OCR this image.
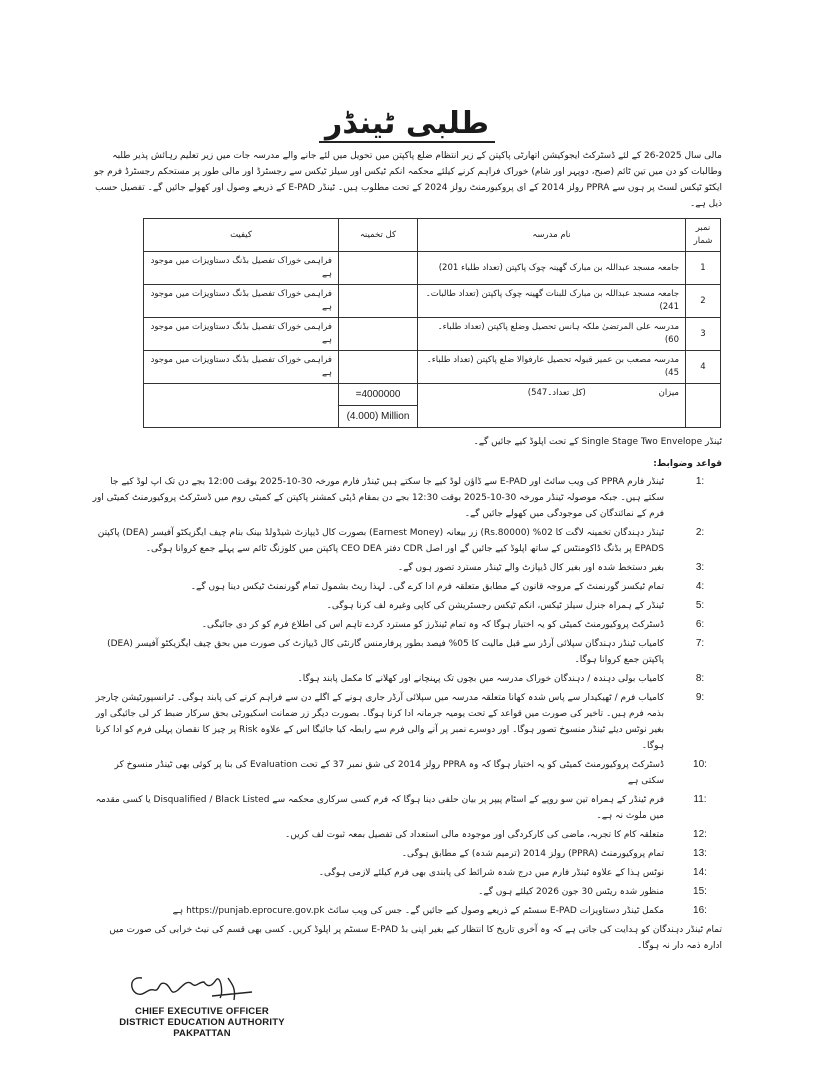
طلبی ٹینڈر
مالی سال 2025-26 کے لئے ڈسٹرکٹ ایجوکیشن اتھارٹی پاکپتن کے زیر انتظام ضلع پاکپتن میں تحویل میں لئے جانے والے مدرسہ جات میں زیر تعلیم رہائش پذیر طلبہ وطالبات کو دن میں تین ٹائم (صبح، دوپہر اور شام) خوراک فراہم کرنے کیلئے محکمہ انکم ٹیکس اور سیلز ٹیکس سے رجسٹرڈ اور مالی طور پر مستحکم رجسٹرڈ فرم جو ایکٹو ٹیکس لسٹ پر ہوں سے PPRA رولز 2014 کے ای پروکیورمنٹ رولز 2024 کے تحت مطلوب ہیں۔ ٹینڈر E-PAD کے ذریعے وصول اور کھولے جائیں گے۔ تفصیل حسب ذیل ہے۔
نمبر شمار	نام مدرسہ	کل تخمینہ	کیفیت
1	جامعہ مسجد عبداللہ بن مبارک گھینہ چوک پاکپتن (تعداد طلباء 201)		فراہمی خوراک تفصیل بڈنگ دستاویزات میں موجود ہے
2	جامعہ مسجد عبداللہ بن مبارک للبنات گھینہ چوک پاکپتن (تعداد طالبات۔ 241)		فراہمی خوراک تفصیل بڈنگ دستاویزات میں موجود ہے
3	مدرسہ علی المرتضیٰ ملکہ ہانس تحصیل وضلع پاکپتن (تعداد طلباء۔60)		فراہمی خوراک تفصیل بڈنگ دستاویزات میں موجود ہے
4	مدرسہ مصعب بن عمیر قبولہ تحصیل عارفوالا ضلع پاکپتن (تعداد طلباء۔45)		فراہمی خوراک تفصیل بڈنگ دستاویزات میں موجود ہے
	میزان (کل تعداد۔547)	=4000000
(4.000) Million	

ٹینڈر Single Stage Two Envelope کے تحت اپلوڈ کیے جائیں گے۔
قواعد وضوابط:
:1
ٹینڈر فارم PPRA کی ویب سائٹ اور E-PAD سے ڈاؤن لوڈ کیے جا سکتے ہیں ٹینڈر فارم مورخہ 30-10-2025 بوقت 12:00 بجے دن تک اپ لوڈ کیے جا سکتے ہیں۔ جبکہ موصولہ ٹینڈر مورخہ 30-10-2025 بوقت 12:30 بجے دن بمقام ڈپٹی کمشنر پاکپتن کے کمیٹی روم میں ڈسٹرکٹ پروکیورمنٹ کمیٹی اور فرم کے نمائندگان کی موجودگی میں کھولے جائیں گے۔
:2
ٹینڈر دہندگان تخمینہ لاگت کا 02% (Rs.80000) زر بیعانہ (Earnest Money) بصورت کال ڈیپازٹ شیڈولڈ بینک بنام چیف ایگزیکٹو آفیسر (DEA) پاکپتن EPADS پر بڈنگ ڈاکومنٹس کے ساتھ اپلوڈ کیے جائیں گے اور اصل CDR دفتر CEO DEA پاکپتن میں کلوزنگ ٹائم سے پہلے جمع کروانا ہوگی۔
:3
بغیر دستخط شدہ اور بغیر کال ڈیپازٹ والے ٹینڈر مسترد تصور ہوں گے۔
:4
تمام ٹیکسز گورنمنٹ کے مروجہ قانون کے مطابق متعلقہ فرم ادا کرے گی۔ لہذا ریٹ بشمول تمام گورنمنٹ ٹیکس دینا ہوں گے۔
:5
ٹینڈر کے ہمراہ جنرل سیلز ٹیکس، انکم ٹیکس رجسٹریشن کی کاپی وغیرہ لف کرنا ہوگی۔
:6
ڈسٹرکٹ پروکیورمنٹ کمیٹی کو یہ اختیار ہوگا کہ وہ تمام ٹینڈرز کو مسترد کردے تاہم اس کی اطلاع فرم کو کر دی جائیگی۔
:7
کامیاب ٹینڈر دہندگان سپلائی آرڈر سے قبل مالیت کا 05% فیصد بطور پرفارمنس گارنٹی کال ڈیپازٹ کی صورت میں بحق چیف ایگزیکٹو آفیسر (DEA) پاکپتن جمع کروانا ہوگا۔
:8
کامیاب بولی دہندہ / دہندگان خوراک مدرسہ میں بچوں تک پہنچانے اور کھلانے کا مکمل پابند ہوگا۔
:9
کامیاب فرم / ٹھیکیدار سے پاس شدہ کھانا متعلقہ مدرسہ میں سپلائی آرڈر جاری ہونے کے اگلے دن سے فراہم کرنے کی پابند ہوگی۔ ٹرانسپورٹیشن چارجز بذمہ فرم ہیں۔ تاخیر کی صورت میں قواعد کے تحت یومیہ جرمانہ ادا کرنا ہوگا۔ بصورت دیگر زر ضمانت اسکیورٹی بحق سرکار ضبط کر لی جائیگی اور بغیر نوٹس دیئے ٹینڈر منسوخ تصور ہوگا۔ اور دوسرے نمبر پر آنے والی فرم سے رابطہ کیا جائیگا اس کے علاوہ Risk پر چیز کا نقصان پہلی فرم کو ادا کرنا ہوگا۔
:10
ڈسٹرکٹ پروکیورمنٹ کمیٹی کو یہ اختیار ہوگا کہ وہ PPRA رولز 2014 کی شق نمبر 37 کے تحت Evaluation کی بنا پر کوئی بھی ٹینڈر منسوخ کر سکتی ہے
:11
فرم ٹینڈر کے ہمراہ تین سو روپے کے اسٹام پیپر پر بیان حلفی دینا ہوگا کہ فرم کسی سرکاری محکمہ سے Disqualified / Black Listed یا کسی مقدمہ میں ملوث نہ ہے۔
:12
متعلقہ کام کا تجربہ، ماضی کی کارکردگی اور موجودہ مالی استعداد کی تفصیل بمعہ ثبوت لف کریں۔
:13
تمام پروکیورمنٹ (PPRA) رولز 2014 (ترمیم شدہ) کے مطابق ہوگی۔
:14
نوٹس ہذا کے علاوہ ٹینڈر فارم میں درج شدہ شرائط کی پابندی بھی فرم کیلئے لازمی ہوگی۔
:15
منظور شدہ ریٹس 30 جون 2026 کیلئے ہوں گے۔
:16
مکمل ٹینڈر دستاویزات E-PAD سسٹم کے ذریعے وصول کیے جائیں گے۔ جس کی ویب سائٹ https://punjab.eprocure.gov.pk ہے
تمام ٹینڈر دہندگان کو ہدایت کی جاتی ہے کہ وہ آخری تاریخ کا انتظار کیے بغیر اپنی بڈ E-PAD سسٹم پر اپلوڈ کریں۔ کسی بھی قسم کی نیٹ خرابی کی صورت میں ادارہ ذمہ دار نہ ہوگا۔
CHIEF EXECUTIVE OFFICER
DISTRICT EDUCATION AUTHORITY
PAKPATTAN
